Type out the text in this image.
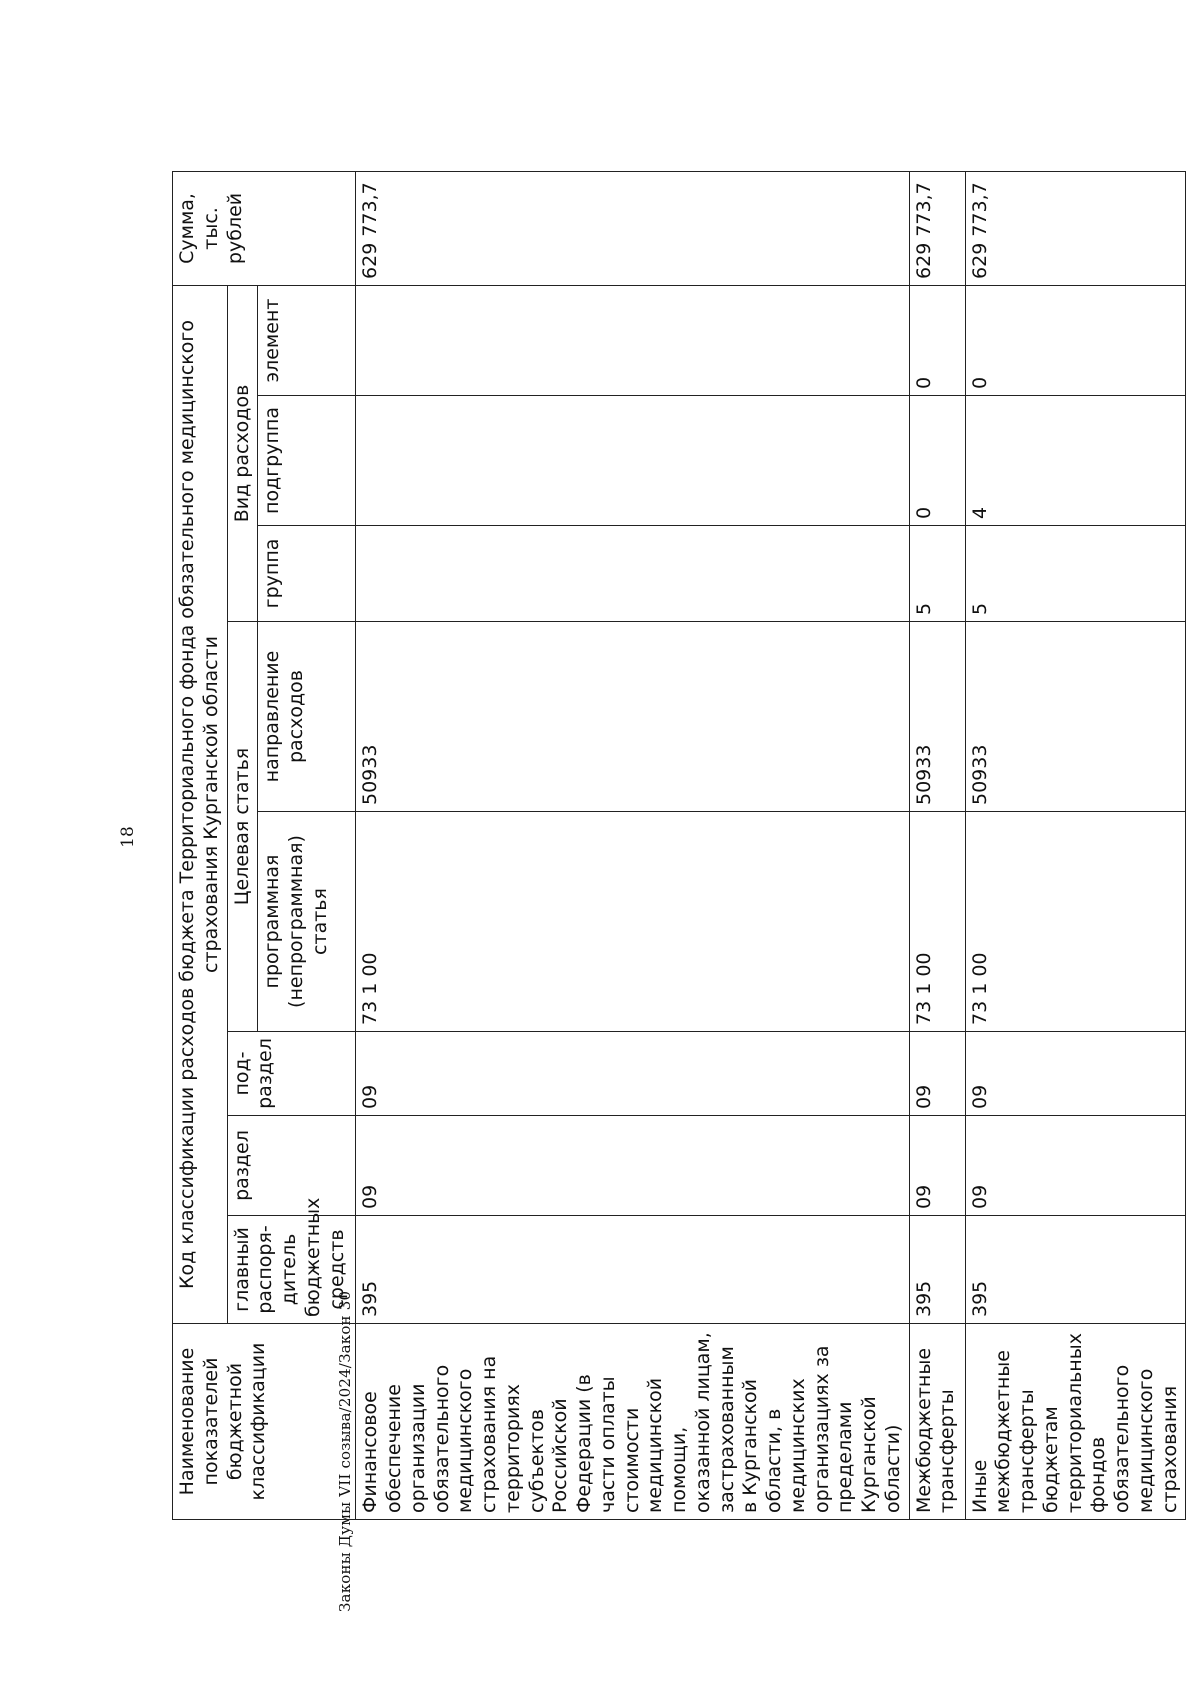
18
Законы Думы VII созыва/2024/Закон 30
Наименование показателей бюджетной классификации	Код классификации расходов бюджета Территориального фонда обязательного медицинского страхования Курганской области								Сумма, тыс. рублей
	главный распоря-дитель бюджетных средств	раздел	под-раздел	Целевая статья		Вид расходов			
				программная (непрограммная) статья	направление расходов	группа	подгруппа	элемент	

Финансовое обеспечение организации обязательного медицинского страхования на территориях субъектов Российской Федерации (в части оплаты стоимости медицинской помощи, оказанной лицам, застрахованным в Курганской области, в медицинских организациях за пределами Курганской области)	395	09	09	73 1 00	50933				629 773,7
Межбюджетные трансферты	395	09	09	73 1 00	50933	5	0	0	629 773,7
Иные межбюджетные трансферты бюджетам территориальных фондов обязательного медицинского страхования	395	09	09	73 1 00	50933	5	4	0	629 773,7
